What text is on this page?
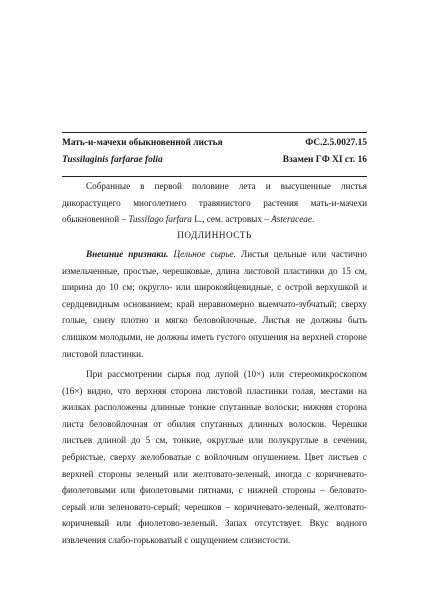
Мать-и-мачехи обыкновенной листья	ФС.2.5.0027.15
Tussilaginis farfarae folia	Взамен ГФ XI ст. 16

Собранные в первой половине лета и высушенные листья дикорастущего многолетнего травянистого растения мать-и-мачехи обыкновенной – Tussilago farfara L., сем. астровых – Asteraceae.

ПОДЛИННОСТЬ

Внешние признаки. Цельное сырье. Листья цельные или частично измельченные, простые, черешковые, длина листовой пластинки до 15 см, ширина до 10 см; округло- или широкояйцевидные, с острой верхушкой и сердцевидным основанием; край неравномерно выемчато-зубчатый; сверху голые, снизу плотно и мягко беловойлочные. Листья не должны быть слишком молодыми, не должны иметь густого опушения на верхней стороне листовой пластинки.

При рассмотрении сырья под лупой (10×) или стереомикроскопом (16×) видно, что верхняя сторона листовой пластинки голая, местами на жилках расположены длинные тонкие спутанные волоски; нижняя сторона листа беловойлочная от обилия спутанных длинных волосков. Черешки листьев длиной до 5 см, тонкие, округлые или полукруглые в сечении, ребристые, сверху желобоватые с войлочным опушением. Цвет листьев с верхней стороны зеленый или желтовато-зеленый, иногда с коричневато-фиолетовыми или фиолетовыми пятнами, с нижней стороны – беловато-серый или зеленовато-серый; черешков – коричневато-зеленый, желтовато-коричневый или фиолетово-зеленый. Запах отсутствует. Вкус водного извлечения слабо-горьковатый с ощущением слизистости.
